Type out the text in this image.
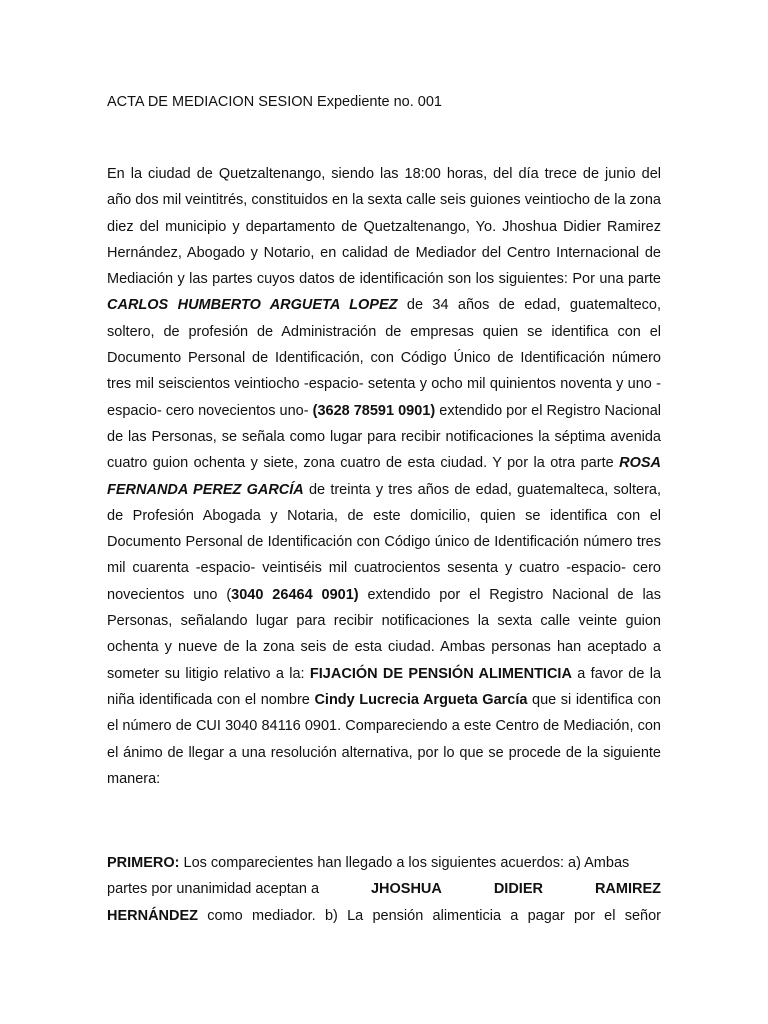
ACTA DE MEDIACION SESION Expediente no. 001

En la ciudad de Quetzaltenango, siendo las 18:00 horas, del día trece de junio del año dos mil veintitrés, constituidos en la sexta calle seis guiones veintiocho de la zona diez del municipio y departamento de Quetzaltenango, Yo. Jhoshua Didier Ramirez Hernández, Abogado y Notario, en calidad de Mediador del Centro Internacional de Mediación y las partes cuyos datos de identificación son los siguientes: Por una parte CARLOS HUMBERTO ARGUETA LOPEZ de 34 años de edad, guatemalteco, soltero, de profesión de Administración de empresas quien se identifica con el Documento Personal de Identificación, con Código Único de Identificación número tres mil seiscientos veintiocho -espacio- setenta y ocho mil quinientos noventa y uno -espacio- cero novecientos uno- (3628 78591 0901) extendido por el Registro Nacional de las Personas, se señala como lugar para recibir notificaciones la séptima avenida cuatro guion ochenta y siete, zona cuatro de esta ciudad. Y por la otra parte ROSA FERNANDA PEREZ GARCÍA de treinta y tres años de edad, guatemalteca, soltera, de Profesión Abogada y Notaria, de este domicilio, quien se identifica con el Documento Personal de Identificación con Código único de Identificación número tres mil cuarenta -espacio- veintiséis mil cuatrocientos sesenta y cuatro -espacio- cero novecientos uno (3040 26464 0901) extendido por el Registro Nacional de las Personas, señalando lugar para recibir notificaciones la sexta calle veinte guion ochenta y nueve de la zona seis de esta ciudad. Ambas personas han aceptado a someter su litigio relativo a la: FIJACIÓN DE PENSIÓN ALIMENTICIA a favor de la niña identificada con el nombre Cindy Lucrecia Argueta García que si identifica con el número de CUI 3040 84116 0901. Compareciendo a este Centro de Mediación, con el ánimo de llegar a una resolución alternativa, por lo que se procede de la siguiente manera:

PRIMERO: Los comparecientes han llegado a los siguientes acuerdos: a) Ambas
partes por unanimidad aceptan a	JHOSHUA	DIDIER	RAMIREZ
HERNÁNDEZ como mediador. b) La pensión alimenticia a pagar por el señor
